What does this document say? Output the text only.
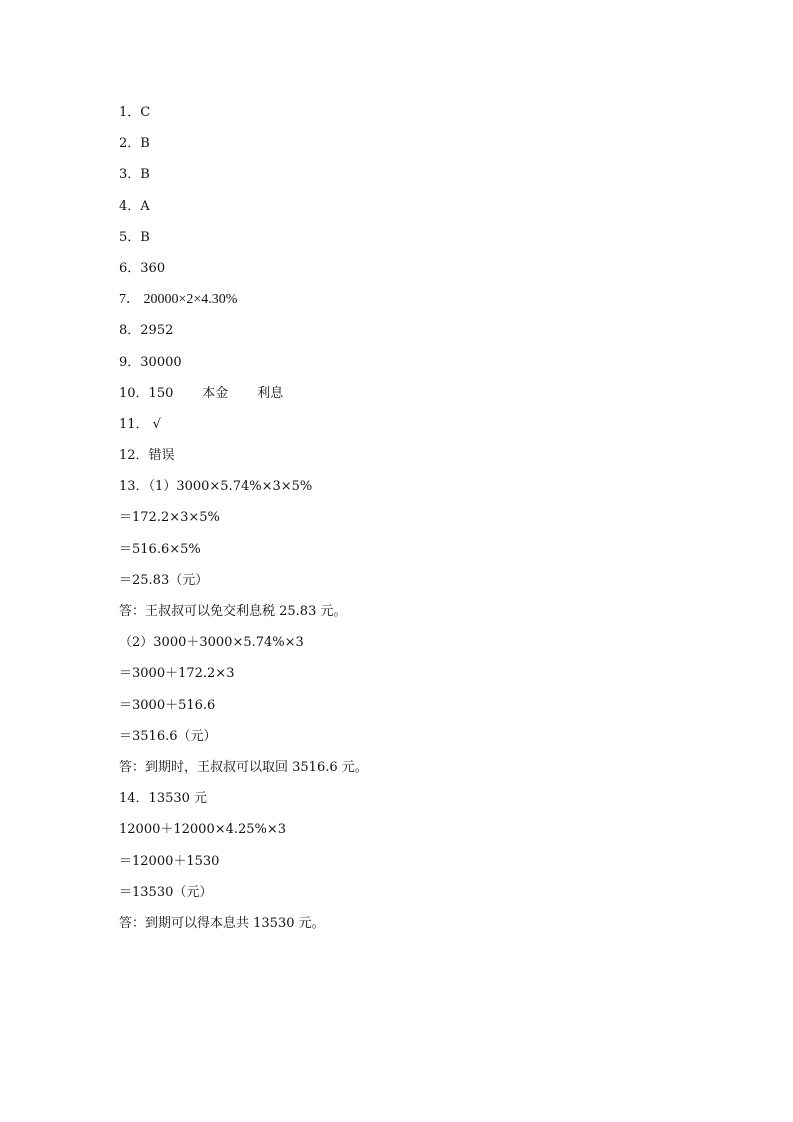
1．C
2．B
3．B
4．A
5．B
6．360
7． 20000×2×4.30%
8．2952
9．30000
10．150       本金       利息
11． √
12．错误
13．（1）3000×5.74%×3×5%
＝172.2×3×5%
＝516.6×5%
＝25.83（元）
答：王叔叔可以免交利息税 25.83 元。
（2）3000＋3000×5.74%×3
＝3000＋172.2×3
＝3000＋516.6
＝3516.6（元）
答：到期时，王叔叔可以取回 3516.6 元。
14．13530 元
12000＋12000×4.25%×3
＝12000＋1530
＝13530（元）
答：到期可以得本息共 13530 元。
